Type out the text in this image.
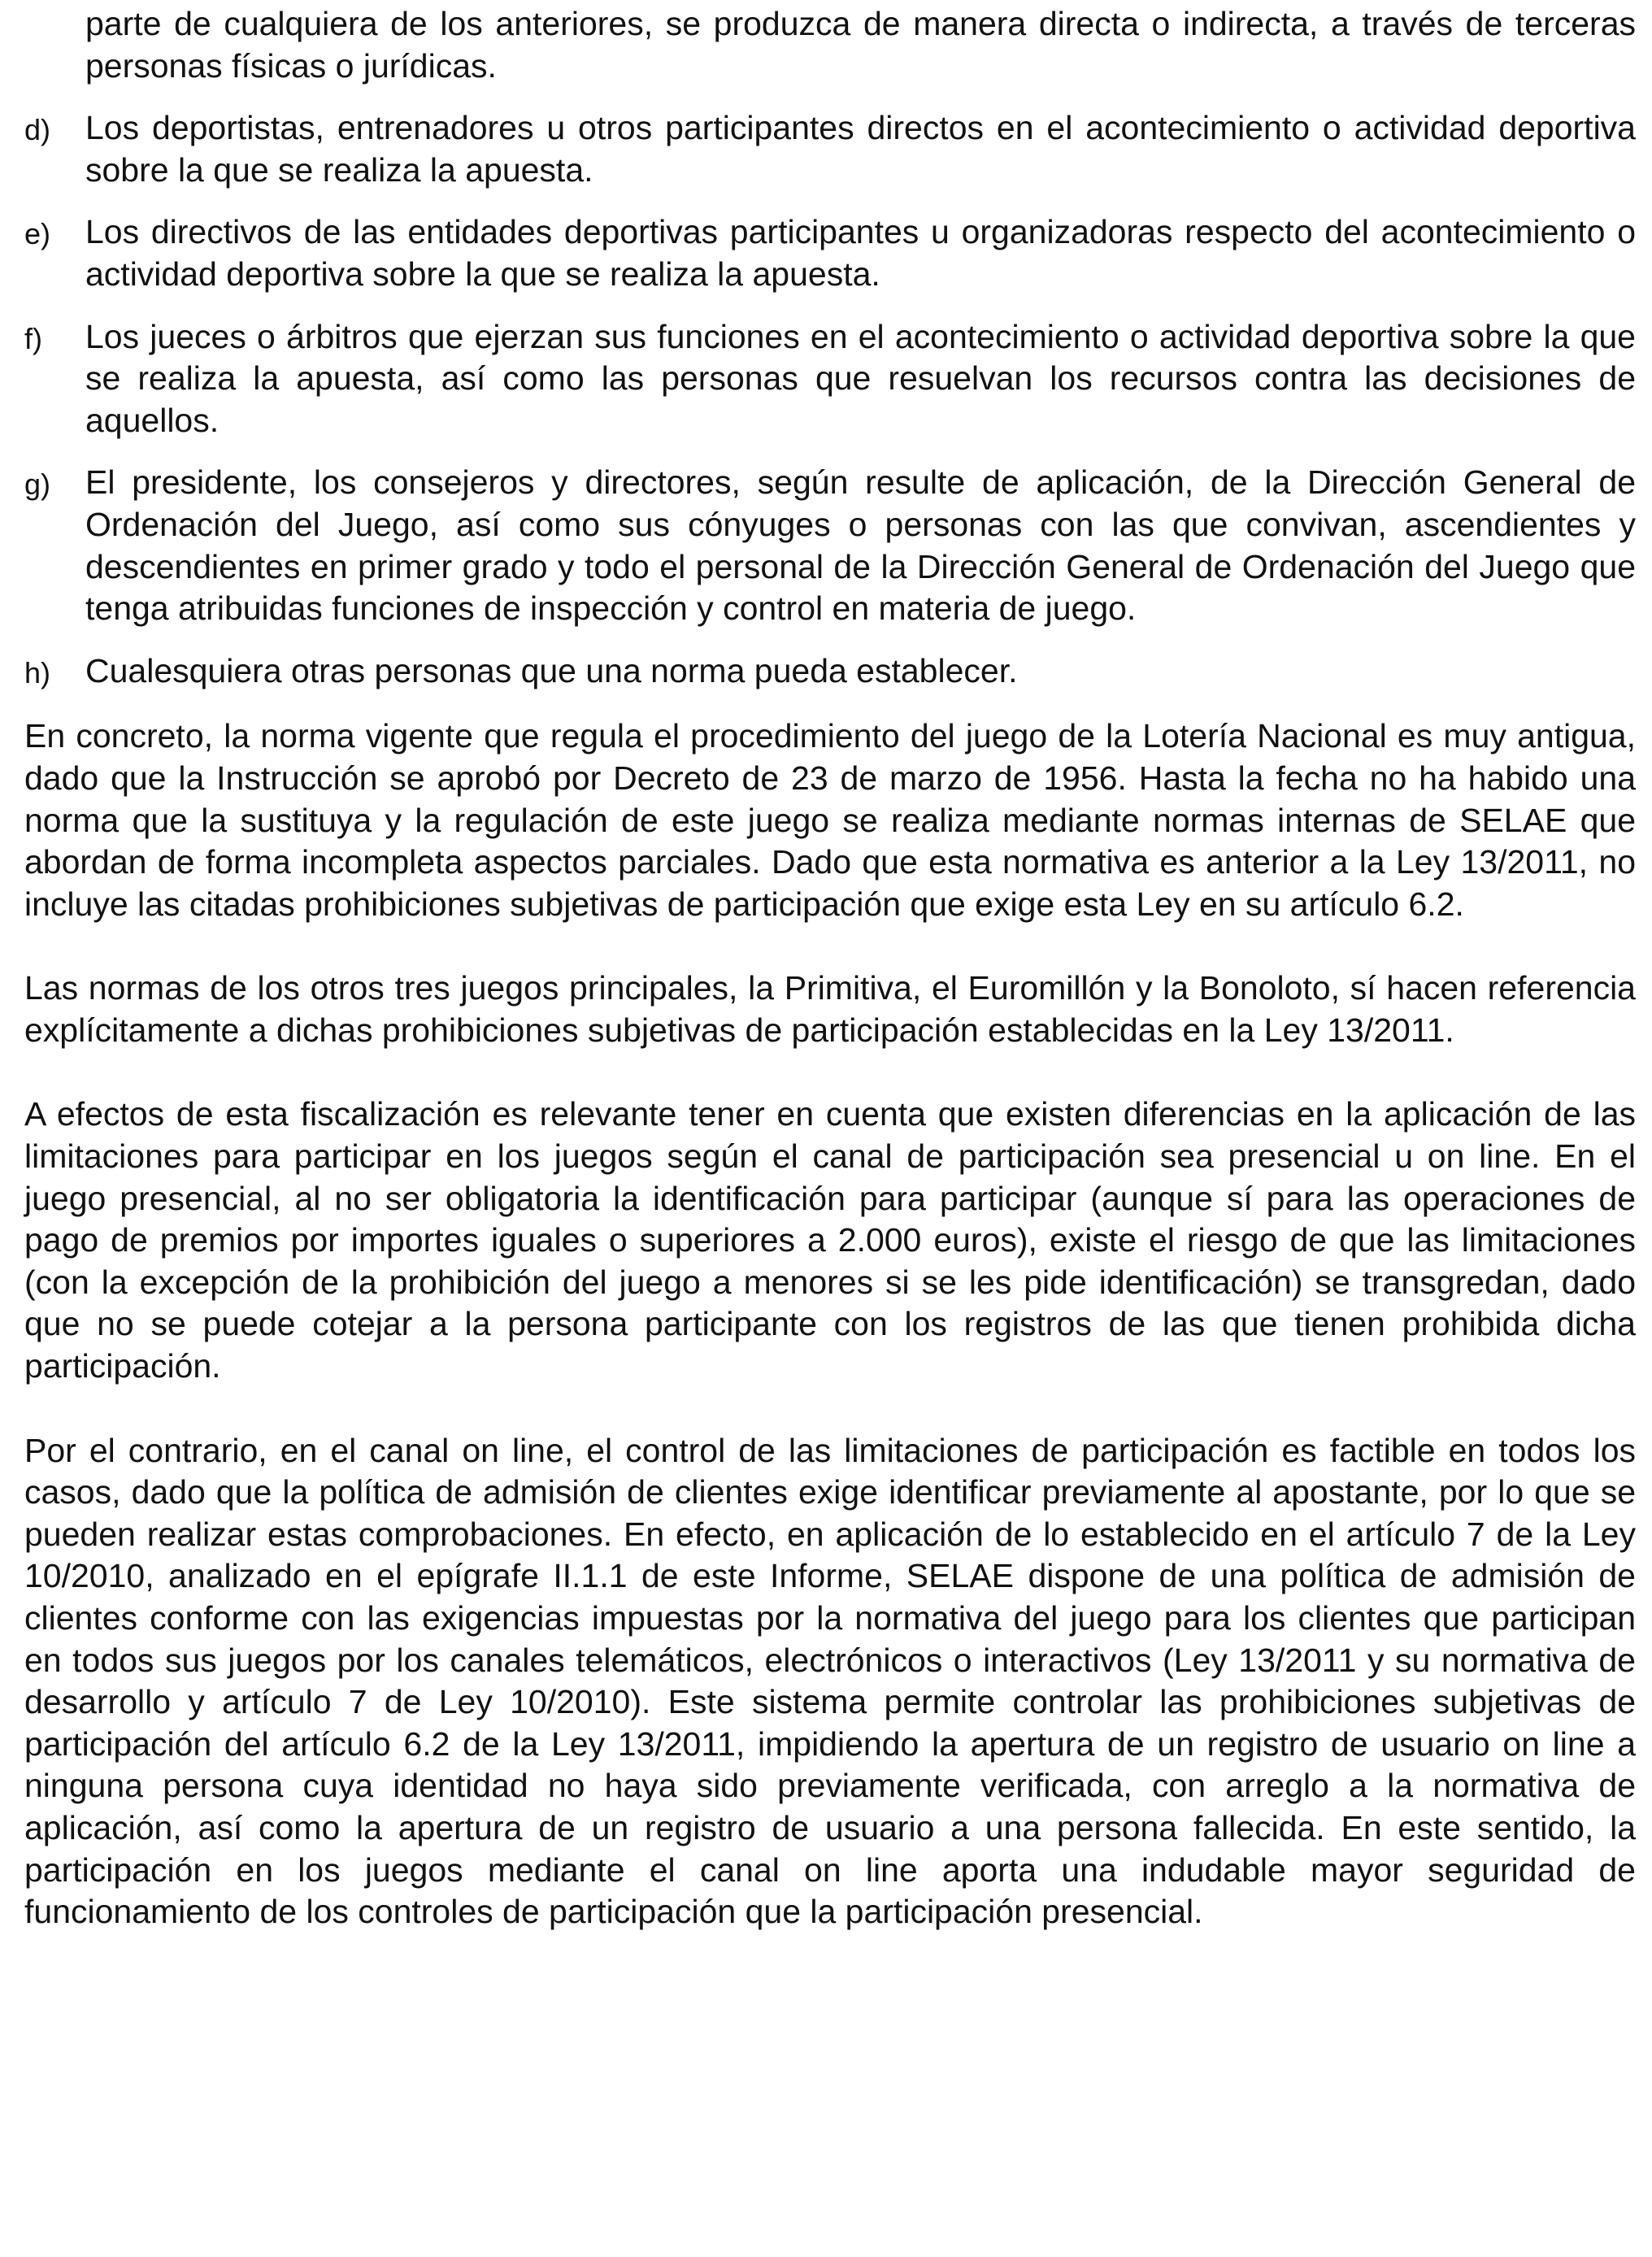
parte de cualquiera de los anteriores, se produzca de manera directa o indirecta, a través de terceras personas físicas o jurídicas.
d)	Los deportistas, entrenadores u otros participantes directos en el acontecimiento o actividad deportiva sobre la que se realiza la apuesta.
e)	Los directivos de las entidades deportivas participantes u organizadoras respecto del acontecimiento o actividad deportiva sobre la que se realiza la apuesta.
f)	Los jueces o árbitros que ejerzan sus funciones en el acontecimiento o actividad deportiva sobre la que se realiza la apuesta, así como las personas que resuelvan los recursos contra las decisiones de aquellos.
g)	El presidente, los consejeros y directores, según resulte de aplicación, de la Dirección General de Ordenación del Juego, así como sus cónyuges o personas con las que convivan, ascendientes y descendientes en primer grado y todo el personal de la Dirección General de Ordenación del Juego que tenga atribuidas funciones de inspección y control en materia de juego.
h)	Cualesquiera otras personas que una norma pueda establecer.

En concreto, la norma vigente que regula el procedimiento del juego de la Lotería Nacional es muy antigua, dado que la Instrucción se aprobó por Decreto de 23 de marzo de 1956. Hasta la fecha no ha habido una norma que la sustituya y la regulación de este juego se realiza mediante normas internas de SELAE que abordan de forma incompleta aspectos parciales. Dado que esta normativa es anterior a la Ley 13/2011, no incluye las citadas prohibiciones subjetivas de participación que exige esta Ley en su artículo 6.2.

Las normas de los otros tres juegos principales, la Primitiva, el Euromillón y la Bonoloto, sí hacen referencia explícitamente a dichas prohibiciones subjetivas de participación establecidas en la Ley 13/2011.

A efectos de esta fiscalización es relevante tener en cuenta que existen diferencias en la aplicación de las limitaciones para participar en los juegos según el canal de participación sea presencial u on line. En el juego presencial, al no ser obligatoria la identificación para participar (aunque sí para las operaciones de pago de premios por importes iguales o superiores a 2.000 euros), existe el riesgo de que las limitaciones (con la excepción de la prohibición del juego a menores si se les pide identificación) se transgredan, dado que no se puede cotejar a la persona participante con los registros de las que tienen prohibida dicha participación.

Por el contrario, en el canal on line, el control de las limitaciones de participación es factible en todos los casos, dado que la política de admisión de clientes exige identificar previamente al apostante, por lo que se pueden realizar estas comprobaciones. En efecto, en aplicación de lo establecido en el artículo 7 de la Ley 10/2010, analizado en el epígrafe II.1.1 de este Informe, SELAE dispone de una política de admisión de clientes conforme con las exigencias impuestas por la normativa del juego para los clientes que participan en todos sus juegos por los canales telemáticos, electrónicos o interactivos (Ley 13/2011 y su normativa de desarrollo y artículo 7 de Ley 10/2010). Este sistema permite controlar las prohibiciones subjetivas de participación del artículo 6.2 de la Ley 13/2011, impidiendo la apertura de un registro de usuario on line a ninguna persona cuya identidad no haya sido previamente verificada, con arreglo a la normativa de aplicación, así como la apertura de un registro de usuario a una persona fallecida. En este sentido, la participación en los juegos mediante el canal on line aporta una indudable mayor seguridad de funcionamiento de los controles de participación que la participación presencial.
